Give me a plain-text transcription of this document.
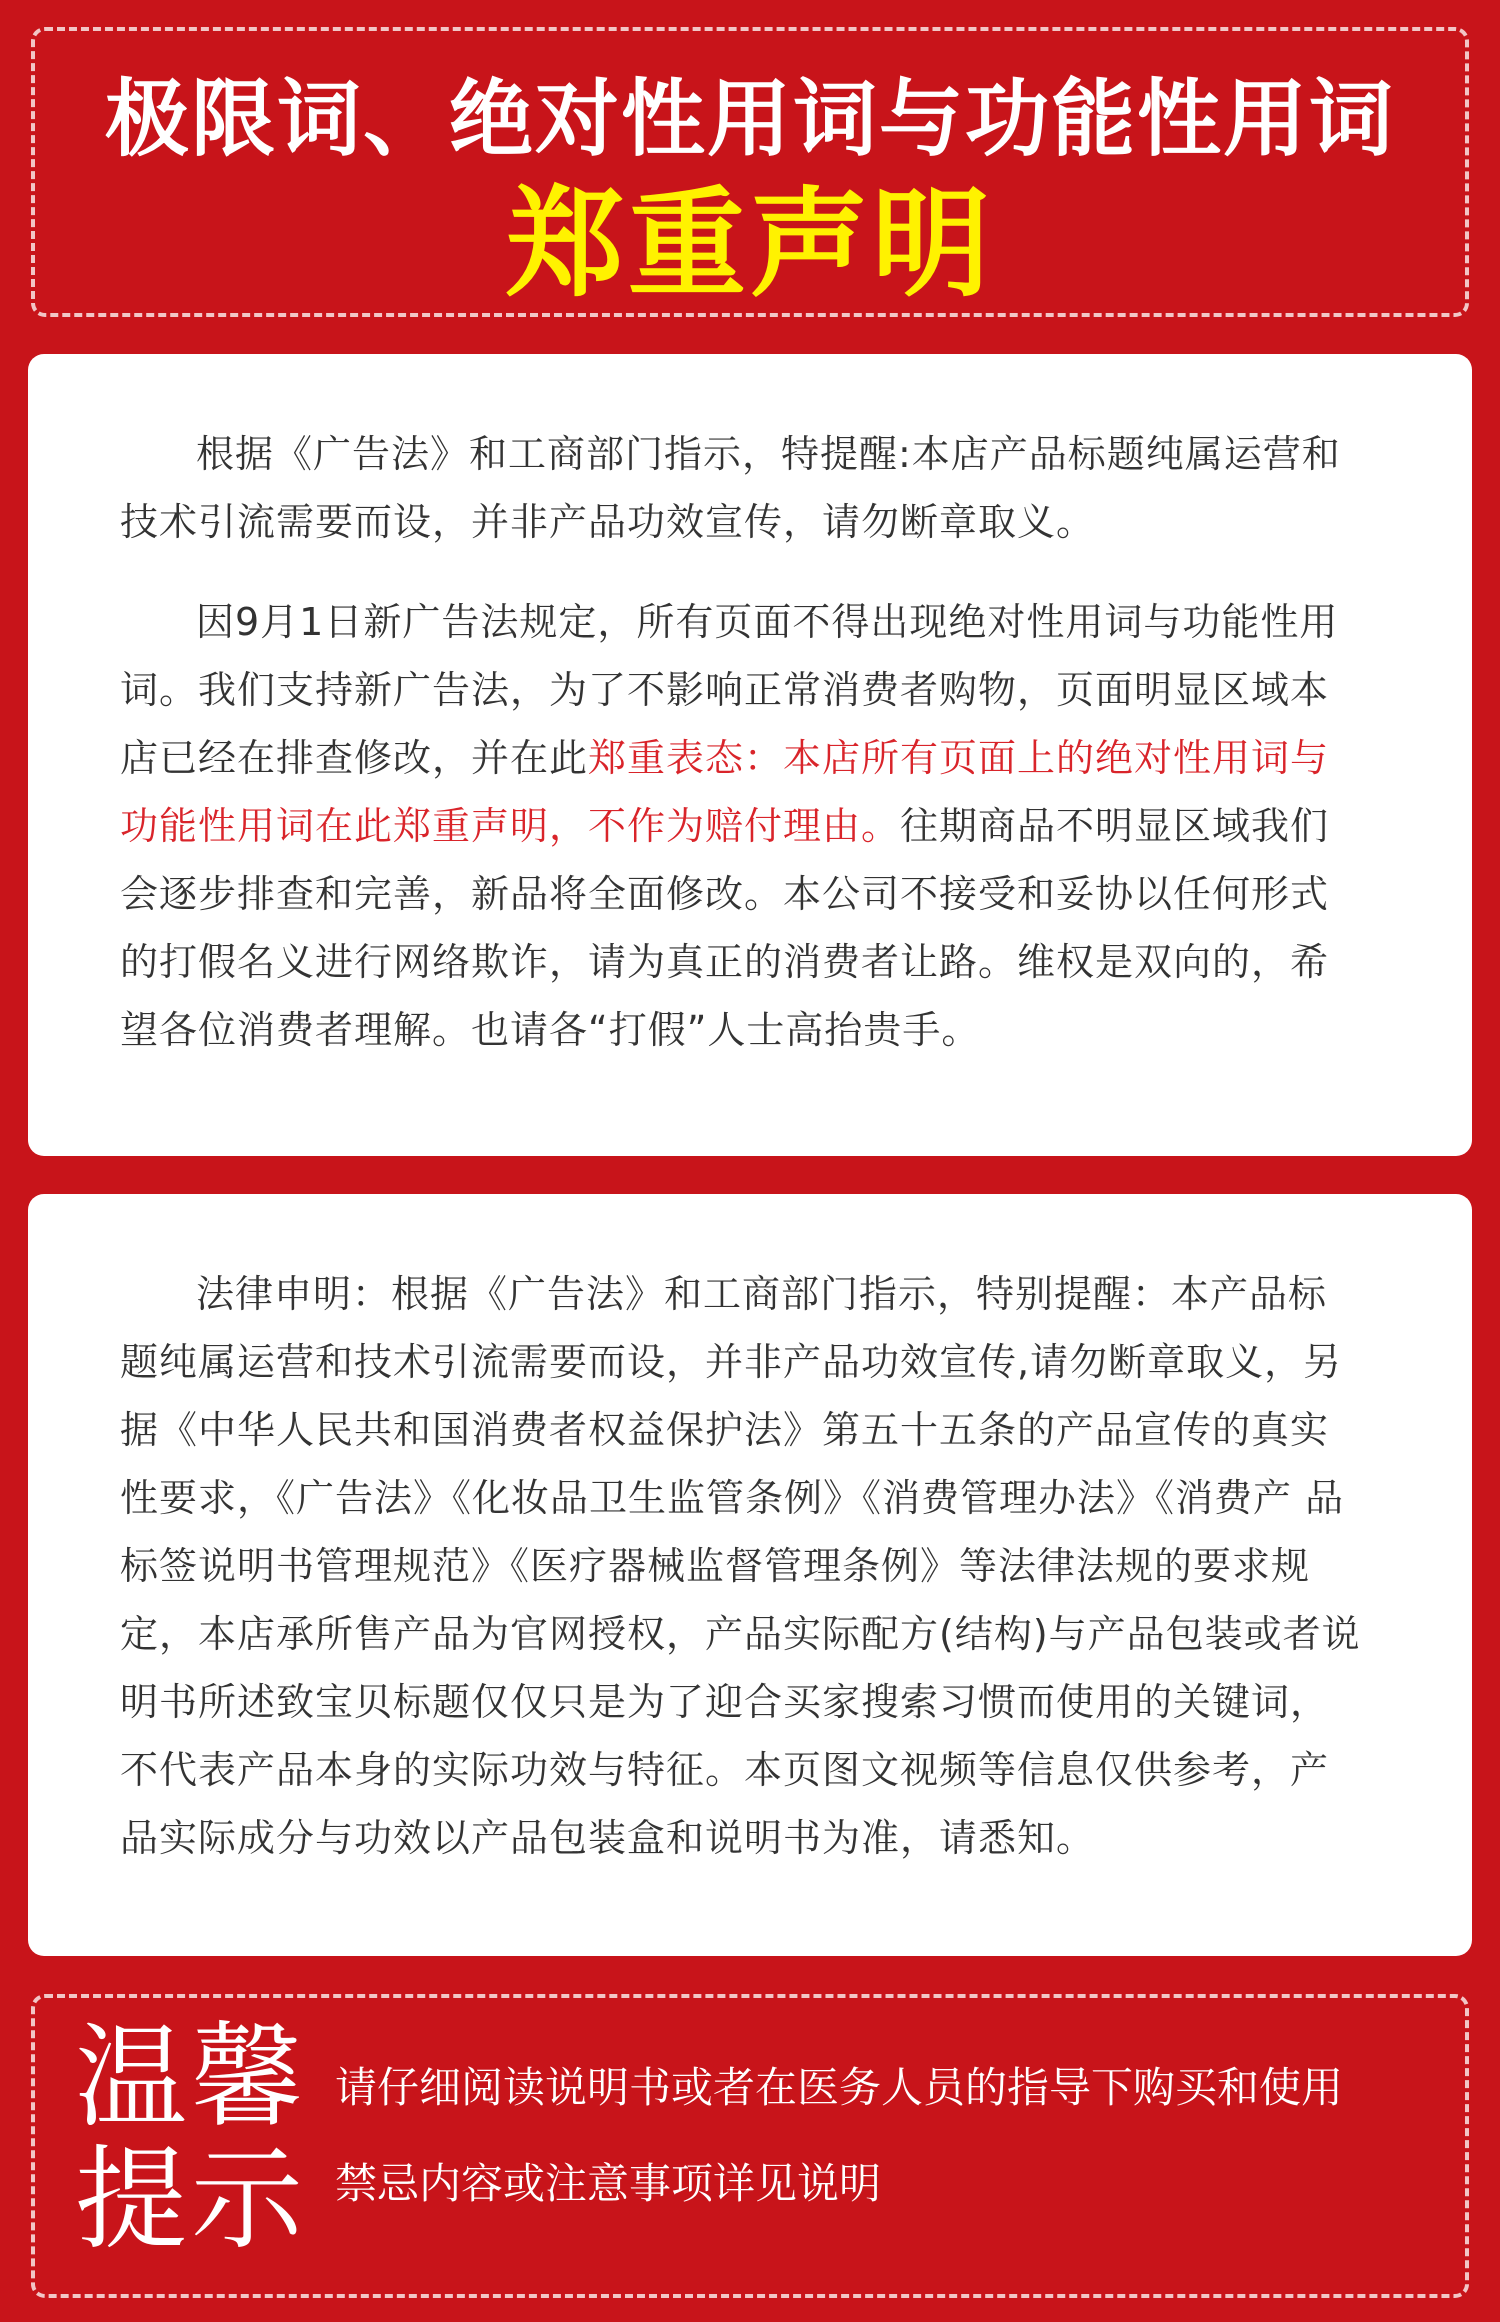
极限词、绝对性用词与功能性用词
郑重声明

根据《广告法》和工商部门指示，特提醒:本店产品标题纯属运营和技术引流需要而设，并非产品功效宣传，请勿断章取义。

因9月1日新广告法规定，所有页面不得出现绝对性用词与功能性用词。我们支持新广告法，为了不影响正常消费者购物，页面明显区域本店已经在排查修改，并在此郑重表态：本店所有页面上的绝对性用词与功能性用词在此郑重声明，不作为赔付理由。往期商品不明显区域我们会逐步排查和完善，新品将全面修改。本公司不接受和妥协以任何形式的打假名义进行网络欺诈，请为真正的消费者让路。维权是双向的，希望各位消费者理解。也请各“打假”人士高抬贵手。

法律申明：根据《广告法》和工商部门指示，特别提醒：本产品标题纯属运营和技术引流需要而设，并非产品功效宣传,请勿断章取义，另据《中华人民共和国消费者权益保护法》第五十五条的产品宣传的真实性要求，《广告法》《化妆品卫生监管条例》《消费管理办法》《消费产 品标签说明书管理规范》《医疗器械监督管理条例》等法律法规的要求规定，本店承所售产品为官网授权，产品实际配方(结构)与产品包装或者说明书所述致宝贝标题仅仅只是为了迎合买家搜索习惯而使用的关键词，不代表产品本身的实际功效与特征。本页图文视频等信息仅供参考，产品实际成分与功效以产品包装盒和说明书为准，请悉知。

温馨
提示
请仔细阅读说明书或者在医务人员的指导下购买和使用
禁忌内容或注意事项详见说明
